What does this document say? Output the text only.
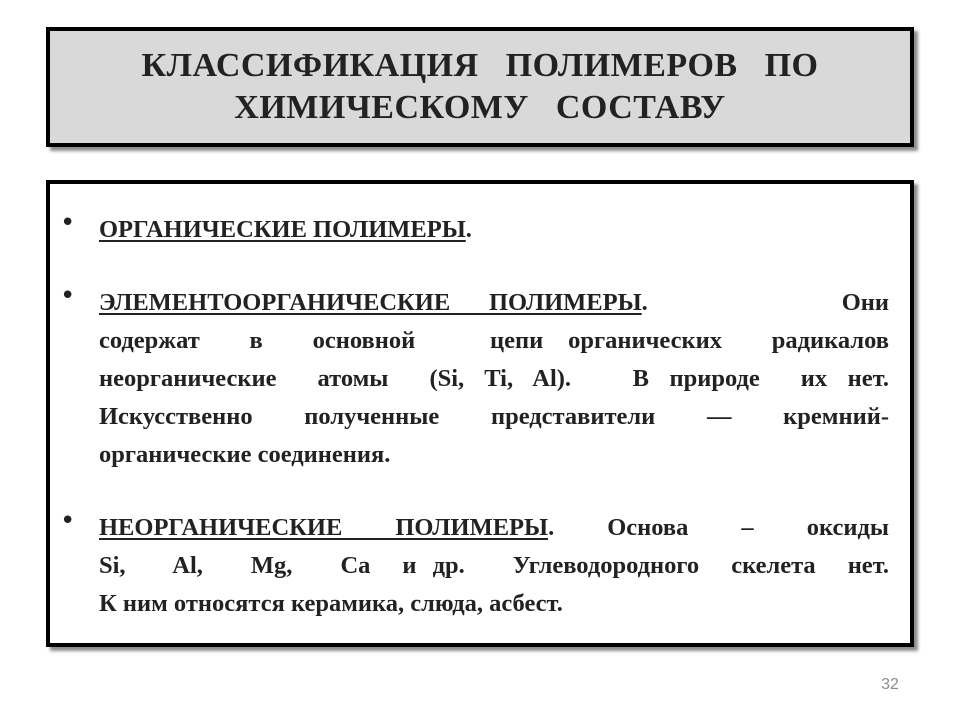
КЛАССИФИКАЦИЯ   ПОЛИМЕРОВ   ПО
ХИМИЧЕСКОМУ   СОСТАВУ
• ОРГАНИЧЕСКИЕ ПОЛИМЕРЫ.
• ЭЛЕМЕНТООРГАНИЧЕСКИЕ ПОЛИМЕРЫ.     Они
содержат  в  основной   цепи органических  радикалов
неорганические  атомы  (Si, Ti, Al).   В природе  их нет.
Искусственно полученные представители — кремний-
органические соединения.
• НЕОРГАНИЧЕСКИЕ ПОЛИМЕРЫ. Основа – оксиды
Si,   Al,   Mg,   Ca  и др.   Углеводородного  скелета  нет.
К ним относятся керамика, слюда, асбест.
32
